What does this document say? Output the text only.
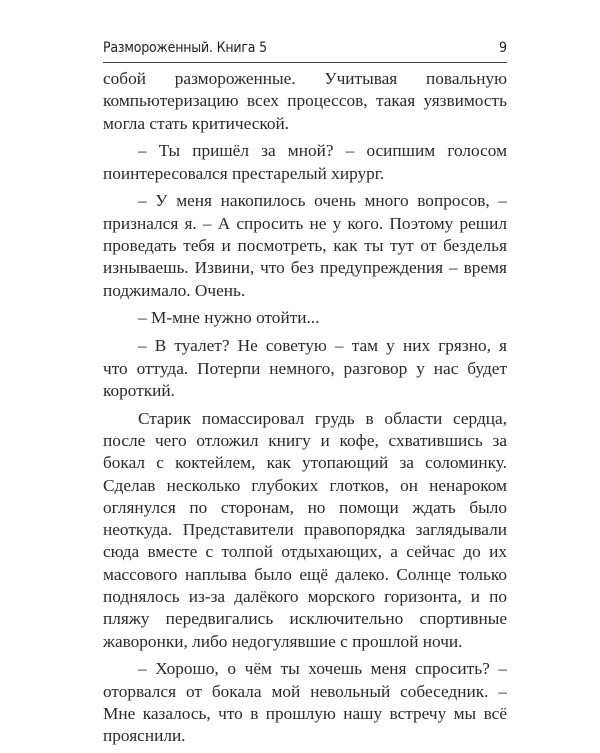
Размороженный. Книга 5	9
собой размороженные. Учитывая повальную
компьютеризацию всех процессов, такая уязвимость
могла стать критической.
– Ты пришёл за мной? – осипшим голосом
поинтересовался престарелый хирург.
– У меня накопилось очень много вопросов, –
признался я. – А спросить не у кого. Поэтому решил
проведать тебя и посмотреть, как ты тут от безделья
изнываешь. Извини, что без предупреждения – время
поджимало. Очень.
– М-мне нужно отойти...
– В туалет? Не советую – там у них грязно, я
что оттуда. Потерпи немного, разговор у нас будет
короткий.
Старик помассировал грудь в области сердца,
после чего отложил книгу и кофе, схватившись за
бокал с коктейлем, как утопающий за соломинку.
Сделав несколько глубоких глотков, он ненароком
оглянулся по сторонам, но помощи ждать было
неоткуда. Представители правопорядка заглядывали
сюда вместе с толпой отдыхающих, а сейчас до их
массового наплыва было ещё далеко. Солнце только
поднялось из-за далёкого морского горизонта, и по
пляжу передвигались исключительно спортивные
жаворонки, либо недогулявшие с прошлой ночи.
– Хорошо, о чём ты хочешь меня спросить? –
оторвался от бокала мой невольный собеседник. –
Мне казалось, что в прошлую нашу встречу мы всё
прояснили.
